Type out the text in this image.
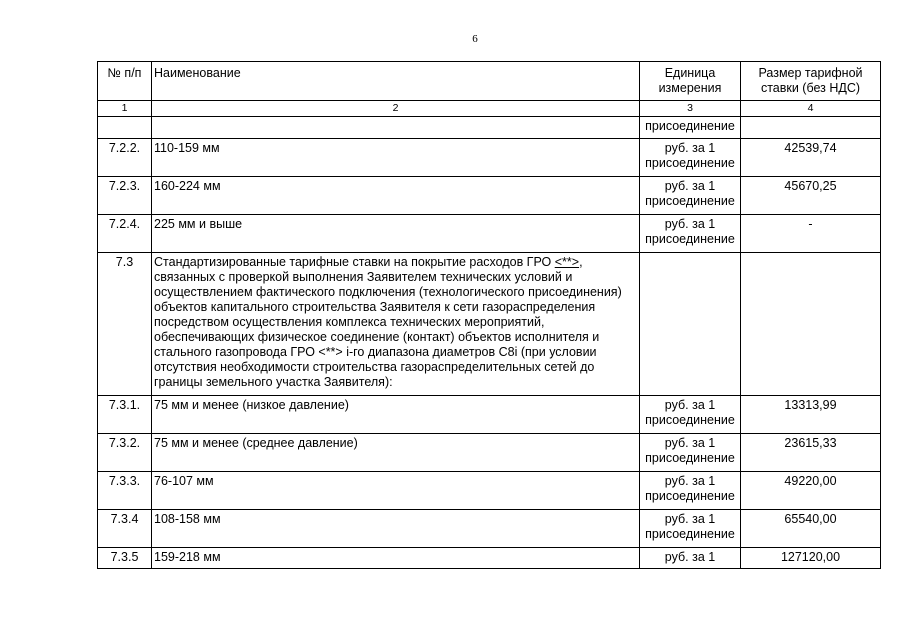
6
№ п/п	Наименование	Единица измерения	Размер тарифной ставки (без НДС)
1	2	3	4
		присоединение	
7.2.2.	110-159 мм	руб. за 1 присоединение	42539,74
7.2.3.	160-224 мм	руб. за 1 присоединение	45670,25
7.2.4.	225 мм и выше	руб. за 1 присоединение	-
7.3	Стандартизированные тарифные ставки на покрытие расходов ГРО <**>, связанных с проверкой выполнения Заявителем технических условий и осуществлением фактического подключения (технологического присоединения) объектов капитального строительства Заявителя к сети газораспределения посредством осуществления комплекса технических мероприятий, обеспечивающих физическое соединение (контакт) объектов исполнителя и стального газопровода ГРО <**> i-го диапазона диаметров C8i (при условии отсутствия необходимости строительства газораспределительных сетей до границы земельного участка Заявителя):		
7.3.1.	75 мм и менее (низкое давление)	руб. за 1 присоединение	13313,99
7.3.2.	75 мм и менее (среднее давление)	руб. за 1 присоединение	23615,33
7.3.3.	76-107 мм	руб. за 1 присоединение	49220,00
7.3.4	108-158 мм	руб. за 1 присоединение	65540,00
7.3.5	159-218 мм	руб. за 1	127120,00
